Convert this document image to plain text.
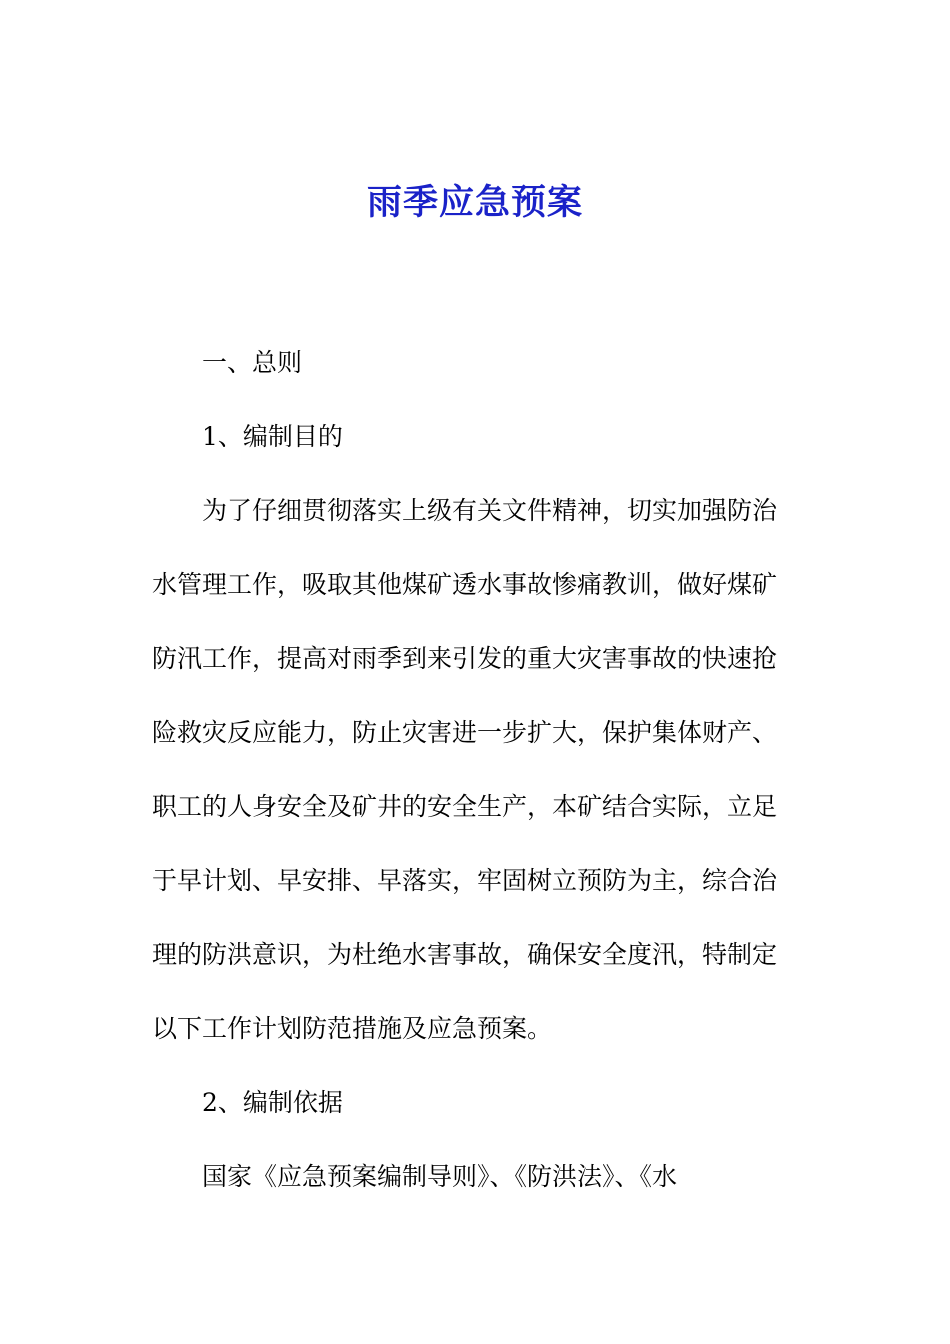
雨季应急预案
一、总则
1、编制目的
为了仔细贯彻落实上级有关文件精神，切实加强防治
水管理工作，吸取其他煤矿透水事故惨痛教训，做好煤矿
防汛工作，提高对雨季到来引发的重大灾害事故的快速抢
险救灾反应能力，防止灾害进一步扩大，保护集体财产、
职工的人身安全及矿井的安全生产，本矿结合实际，立足
于早计划、早安排、早落实，牢固树立预防为主，综合治
理的防洪意识，为杜绝水害事故，确保安全度汛，特制定
以下工作计划防范措施及应急预案。
2、编制依据
国家《应急预案编制导则》、《防洪法》、《水
